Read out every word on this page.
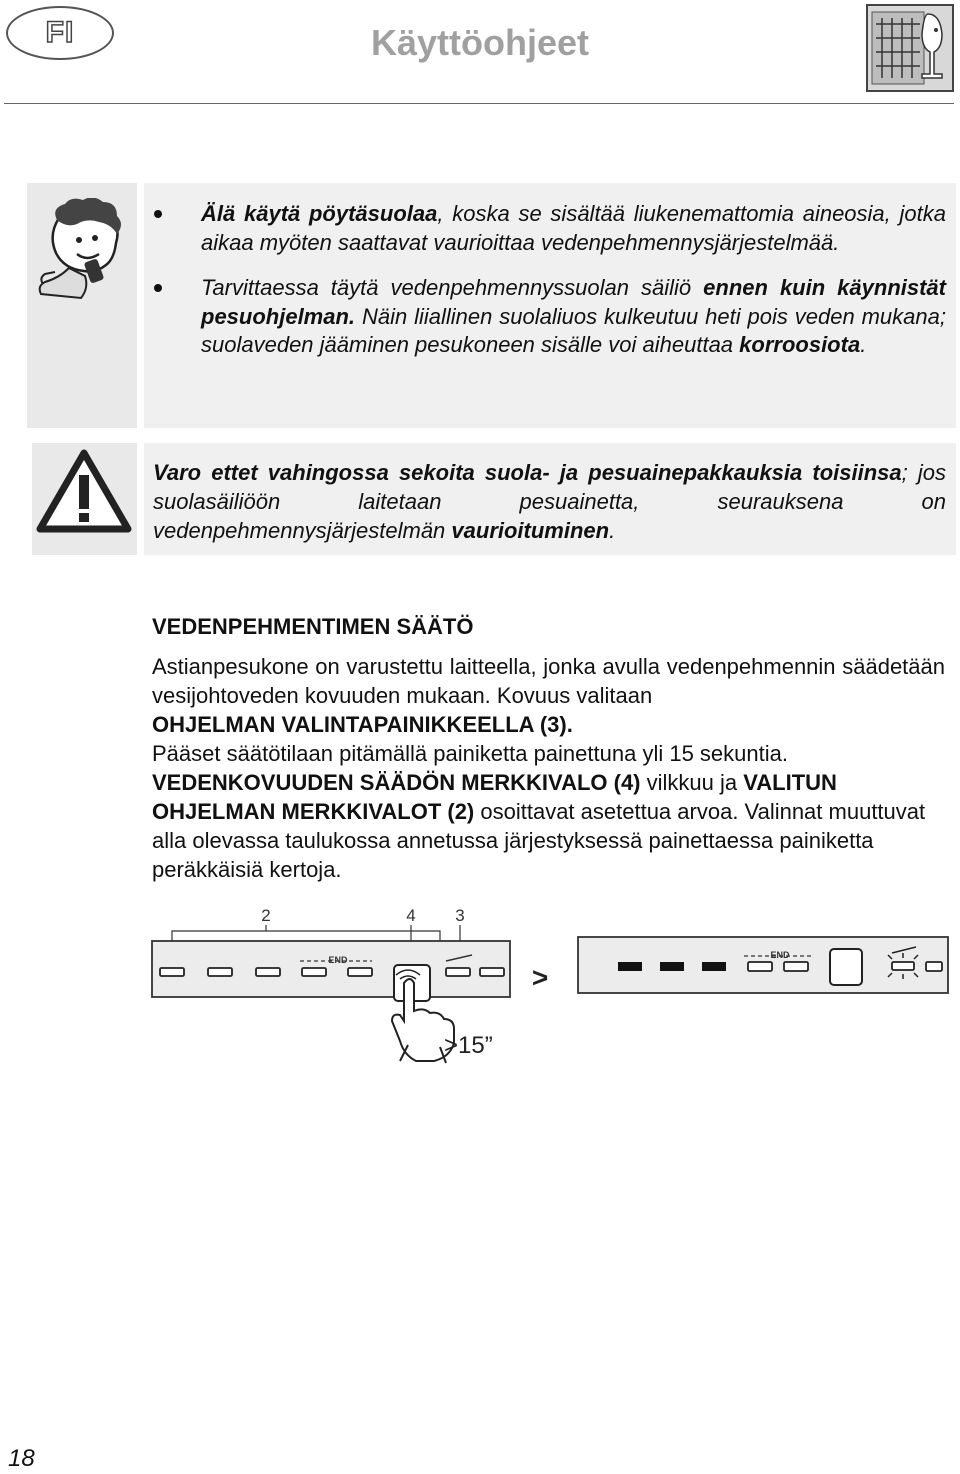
FI	Käyttöohjeet
Älä käytä pöytäsuolaa, koska se sisältää liukenemattomia aineosia, jotka aikaa myöten saattavat vaurioittaa vedenpehmennysjärjestelmää.
Tarvittaessa täytä vedenpehmennyssuolan säiliö ennen kuin käynnistät pesuohjelman. Näin liiallinen suolaliuos kulkeutuu heti pois veden mukana; suolaveden jääminen pesukoneen sisälle voi aiheuttaa korroosiota.
Varo ettet vahingossa sekoita suola- ja pesuainepakkauksia toisiinsa; jos suolasäiliöön laitetaan pesuainetta, seurauksena on vedenpehmennysjärjestelmän vaurioituminen.
VEDENPEHMENTIMEN SÄÄTÖ

Astianpesukone on varustettu laitteella, jonka avulla vedenpehmennin säädetään vesijohtoveden kovuuden mukaan. Kovuus valitaan
OHJELMAN VALINTAPAINIKKEELLA (3).

Pääset säätötilaan pitämällä painiketta painettuna yli 15 sekuntia.

VEDENKOVUUDEN SÄÄDÖN MERKKIVALO (4) vilkkuu ja VALITUN OHJELMAN MERKKIVALOT (2) osoittavat asetettua arvoa. Valinnat muuttuvat alla olevassa taulukossa annetussa järjestyksessä painettaessa painiketta peräkkäisiä kertoja.

2	4 3
END
>15”
>
END
18
